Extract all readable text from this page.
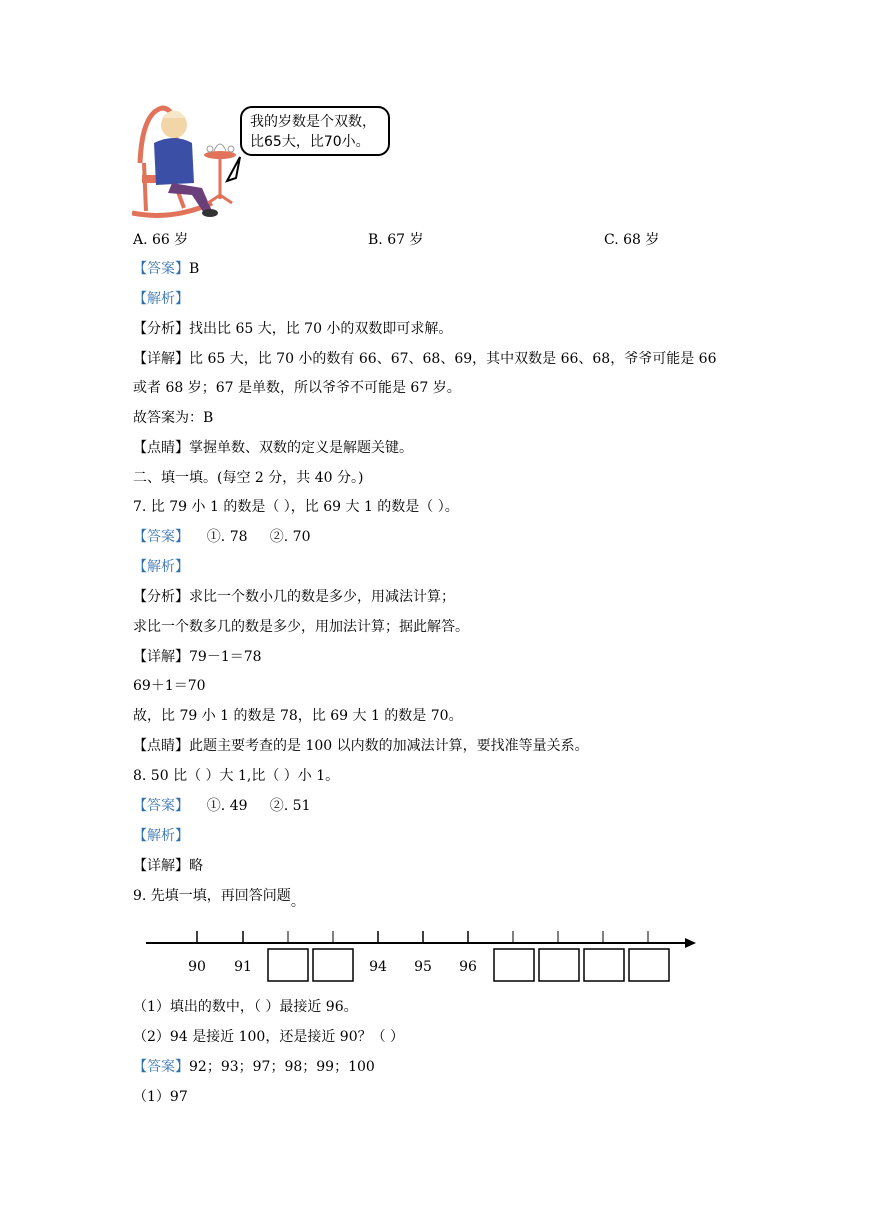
我的岁数是个双数，
比65大，比70小。
A. 66 岁	B. 67 岁	C. 68 岁
【答案】B
【解析】
【分析】找出比 65 大，比 70 小的双数即可求解。
【详解】比 65 大，比 70 小的数有 66、67、68、69，其中双数是 66、68，爷爷可能是 66
或者 68 岁；67 是单数，所以爷爷不可能是 67 岁。
故答案为：B
【点睛】掌握单数、双数的定义是解题关键。
二、填一填。(每空 2 分，共 40 分。)
7. 比 79 小 1 的数是（ ），比 69 大 1 的数是（ ）。
【答案】    ①. 78     ②. 70
【解析】
【分析】求比一个数小几的数是多少，用减法计算；
求比一个数多几的数是多少，用加法计算；据此解答。
【详解】79－1＝78
69＋1＝70
故，比 79 小 1 的数是 78，比 69 大 1 的数是 70。
【点睛】此题主要考查的是 100 以内数的加减法计算，要找准等量关系。
8. 50 比（ ）大 1,比（ ）小 1。
【答案】    ①. 49     ②. 51
【解析】
【详解】略
9. 先填一填，再回答问题。
90 91	94 95 96
（1）填出的数中，（ ）最接近 96。
（2）94 是接近 100，还是接近 90？（ ）
【答案】92；93；97；98；99；100
（1）97
